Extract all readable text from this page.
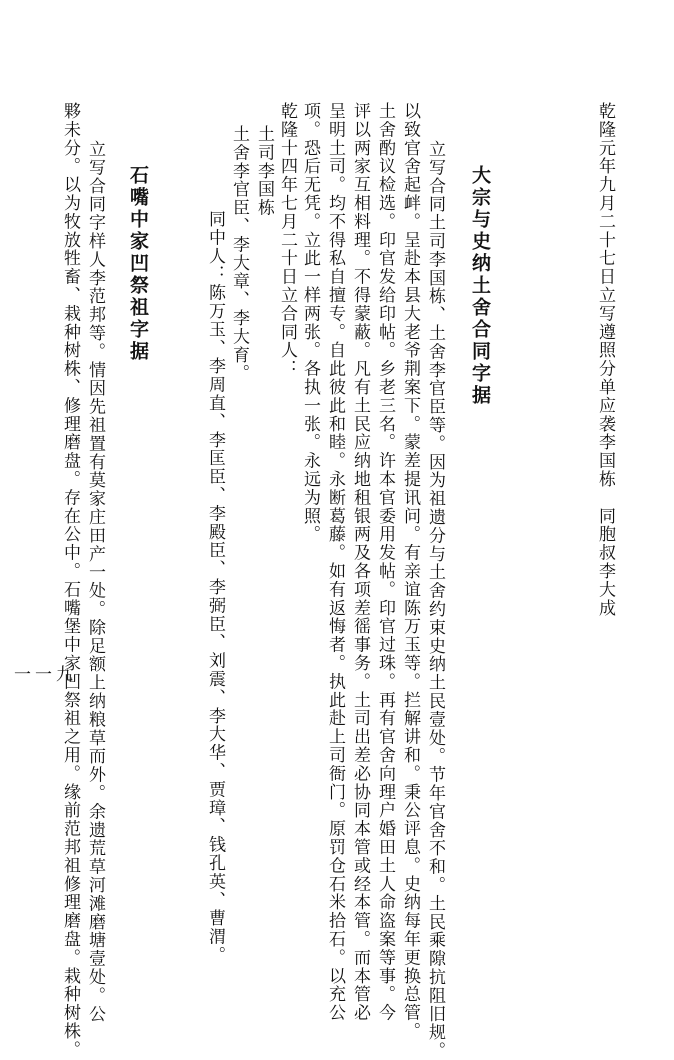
乾隆元年九月二十七日立写遵照分单应袭李国栋　同胞叔李大成
大宗与史纳土舍合同字据
立写合同土司李国栋、土舍李官臣等。因为祖遗分与土舍约束史纳土民壹处。节年官舍不和。土民乘隙抗阻旧规。
以致官舍起衅。呈赴本县大老爷荆案下。蒙差提讯问。有亲谊陈万玉等。拦解讲和。秉公评息。史纳每年更换总管。
土舍酌议检选。印官发给印帖。乡老三名。许本官委用发帖。印官过珠。再有官舍向理户婚田土人命盗案等事。今
评以两家互相料理。不得蒙蔽。凡有土民应纳地租银两及各项差徭事务。土司出差必协同本管或经本管。而本管必
呈明土司。均不得私自擅专。自此彼此和睦。永断葛藤。如有返悔者。执此赴上司衙门。原罚仓石米拾石。以充公
项。恐后无凭。立此一样两张。各执一张。永远为照。
乾隆十四年七月二十日立合同人：
土司李国栋
土舍李官臣、李大章、李大育。
同中人：陈万玉、李周直、李匡臣、李殿臣、李弼臣、刘震、李大华、贾璋、钱孔英、曹渭。
石嘴中家凹祭祖字据
立写合同字样人李范邦等。情因先祖置有莫家庄田产一处。除足额上纳粮草而外。余遗荒草河滩磨塘壹处。公
夥未分。以为牧放牲畜、栽种树株、修理磨盘。存在公中。石嘴堡中家凹祭祖之用。缘前范邦祖修理磨盘。栽种树株。
一一九
